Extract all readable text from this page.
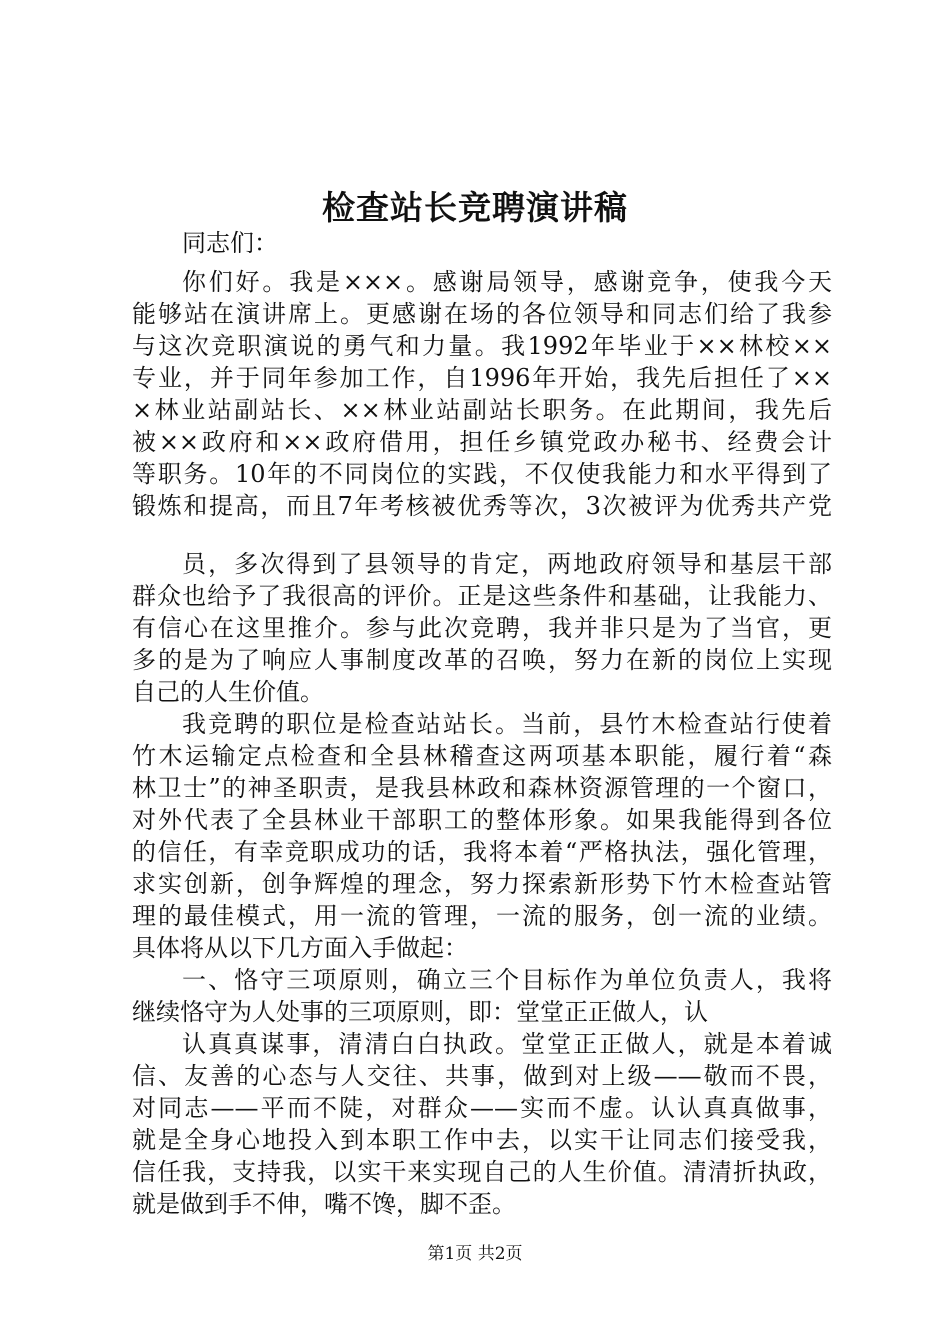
检查站长竞聘演讲稿
同志们：
你们好。我是×××。感谢局领导，感谢竞争，使我今天
能够站在演讲席上。更感谢在场的各位领导和同志们给了我参
与这次竞职演说的勇气和力量。我1992年毕业于××林校××
专业，并于同年参加工作，自1996年开始，我先后担任了××
×林业站副站长、××林业站副站长职务。在此期间，我先后
被××政府和××政府借用，担任乡镇党政办秘书、经费会计
等职务。10年的不同岗位的实践，不仅使我能力和水平得到了
锻炼和提高，而且7年考核被优秀等次，3次被评为优秀共产党
员，多次得到了县领导的肯定，两地政府领导和基层干部
群众也给予了我很高的评价。正是这些条件和基础，让我能力、
有信心在这里推介。参与此次竞聘，我并非只是为了当官，更
多的是为了响应人事制度改革的召唤，努力在新的岗位上实现
自己的人生价值。
我竞聘的职位是检查站站长。当前，县竹木检查站行使着
竹木运输定点检查和全县林稽查这两项基本职能，履行着“森
林卫士”的神圣职责，是我县林政和森林资源管理的一个窗口，
对外代表了全县林业干部职工的整体形象。如果我能得到各位
的信任，有幸竞职成功的话，我将本着“严格执法，强化管理，
求实创新，创争辉煌的理念，努力探索新形势下竹木检查站管
理的最佳模式，用一流的管理，一流的服务，创一流的业绩。
具体将从以下几方面入手做起：
一、恪守三项原则，确立三个目标作为单位负责人，我将
继续恪守为人处事的三项原则，即：堂堂正正做人，认
认真真谋事，清清白白执政。堂堂正正做人，就是本着诚
信、友善的心态与人交往、共事，做到对上级——敬而不畏，
对同志——平而不陡，对群众——实而不虚。认认真真做事，
就是全身心地投入到本职工作中去，以实干让同志们接受我，
信任我，支持我，以实干来实现自己的人生价值。清清折执政，
就是做到手不伸，嘴不馋，脚不歪。
第1页 共2页
